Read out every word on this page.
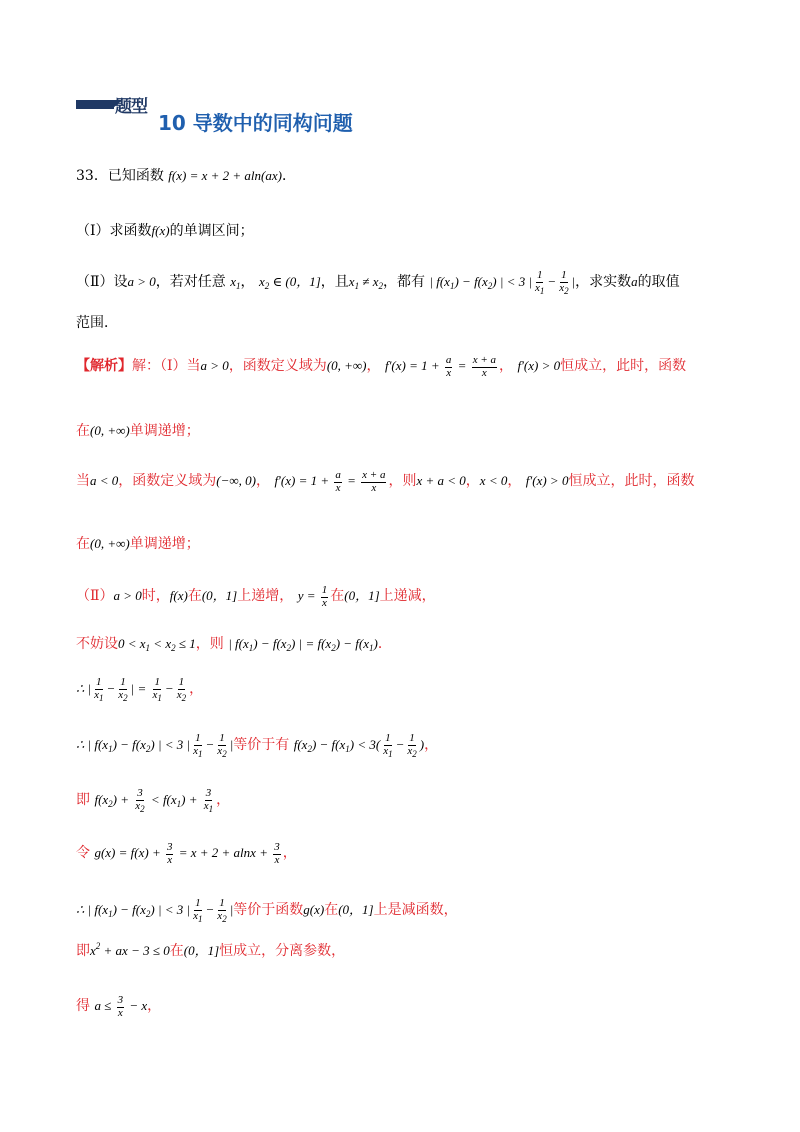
题型
10 导数中的同构问题
33．已知函数 f(x) = x + 2 + aln(ax)．
（Ⅰ）求函数f(x)的单调区间；
（Ⅱ）设a > 0，若对任意 $x_1$， $x_2$ ∈ (0，1]，且$x_1 \ne x_2$，都有 | $f(x_1) - f(x_2)$ | < 3 | $\frac{1}{x_1} - \frac{1}{x_2}$ |，求实数a的取值
范围．
【解析】解：（Ⅰ）当a > 0，函数定义域为(0, +∞)， $f'(x) = 1 + \frac{a}{x} = \frac{x + a}{x}$ ， f′(x) > 0恒成立，此时，函数
在(0, +∞)单调递增；
当a < 0，函数定义域为(−∞, 0)， $f'(x) = 1 + \frac{a}{x} = \frac{x + a}{x}$ ，则x + a < 0，x < 0， f′(x) > 0恒成立，此时，函数
在(0, +∞)单调递增；
（Ⅱ）a > 0时，f(x)在(0，1]上递增， $y = \frac{1}{x}$ 在(0，1]上递减，
不妨设$0 < x_1 < x_2 \le 1$，则 | $f(x_1) - f(x_2)$ | = $f(x_2) - f(x_1)$．
∴ | $\frac{1}{x_1} - \frac{1}{x_2}$ | = $\frac{1}{x_1} - \frac{1}{x_2}$ ，
∴ | $f(x_1) - f(x_2)$ | < 3 | $\frac{1}{x_1} - \frac{1}{x_2}$ |等价于有 $f(x_2) - f(x_1) < 3( \frac{1}{x_1} - \frac{1}{x_2}$ )，
即 $f(x_2) + \frac{3}{x_2} < f(x_1) + \frac{3}{x_1}$ ，
令 $g(x) = f(x) + \frac{3}{x} = x + 2 + alnx + \frac{3}{x}$ ，
∴ | $f(x_1) - f(x_2)$ | < 3 | $\frac{1}{x_1} - \frac{1}{x_2}$ |等价于函数g(x)在(0，1]上是减函数，
即$x^2$ + ax − 3 ≤ 0在(0，1]恒成立，分离参数，
得 $a \le \frac{3}{x} - x$，
